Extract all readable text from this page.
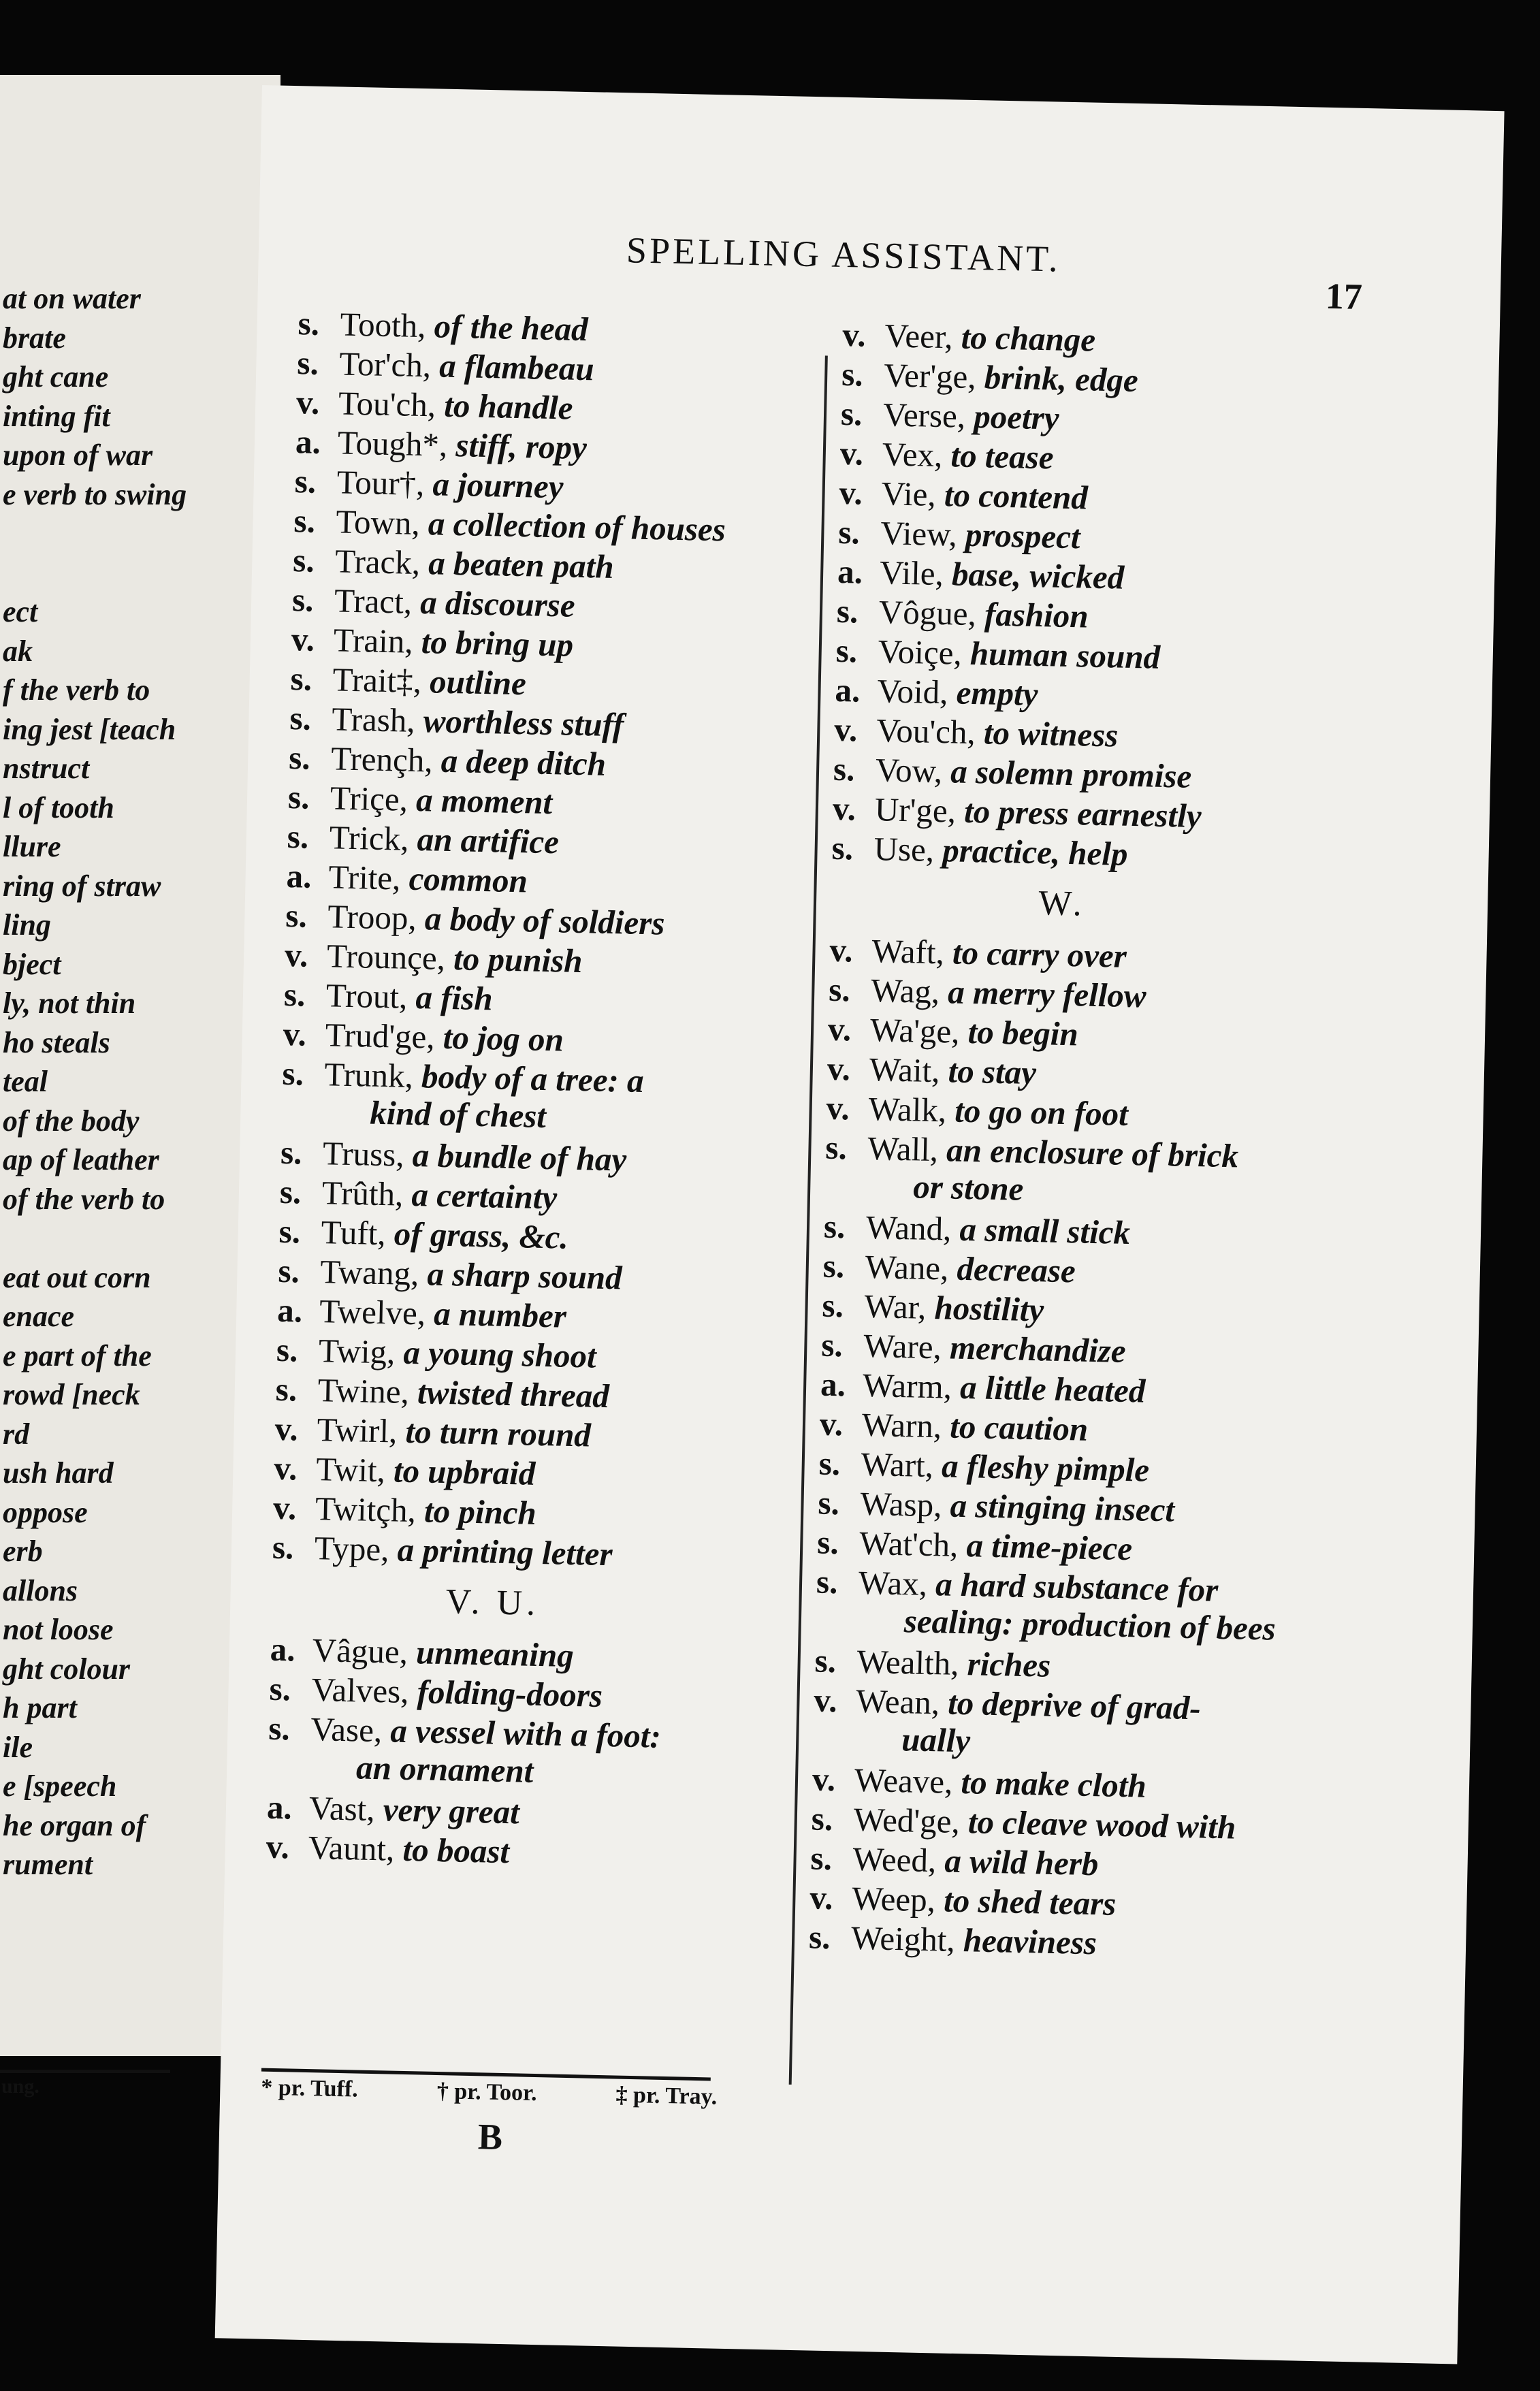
at on water
brate
ght cane
inting fit
upon of war
e verb to swing
ect
ak
f the verb to
ing jest [teach
nstruct
l of tooth
llure
ring of straw
ling
bject
ly, not thin
ho steals
teal
of the body
ap of leather
of the verb to
eat out corn
enace
e part of the
rowd [neck
rd
ush hard
oppose
erb
allons
not loose
ght colour
h part
ile
e [speech
he organ of
rument
ung.
SPELLING ASSISTANT.
17
s. Tooth, of the head
s. Tor'ch, a flambeau
v. Tou'ch, to handle
a. Tough*, stiff, ropy
s. Tour†, a journey
s. Town, a collection of houses
s. Track, a beaten path
s. Tract, a discourse
v. Train, to bring up
s. Trait‡, outline
s. Trash, worthless stuff
s. Trençh, a deep ditch
s. Triçe, a moment
s. Trick, an artifice
a. Trite, common
s. Troop, a body of soldiers
v. Trounçe, to punish
s. Trout, a fish
v. Trud'ge, to jog on
s. Trunk, body of a tree: a
kind of chest
s. Truss, a bundle of hay
s. Trûth, a certainty
s. Tuft, of grass, &c.
s. Twang, a sharp sound
a. Twelve, a number
s. Twig, a young shoot
s. Twine, twisted thread
v. Twirl, to turn round
v. Twit, to upbraid
v. Twitçh, to pinch
s. Type, a printing letter
V. U.
a. Vâgue, unmeaning
s. Valves, folding-doors
s. Vase, a vessel with a foot:
an ornament
a. Vast, very great
v. Vaunt, to boast
v. Veer, to change
s. Ver'ge, brink, edge
s. Verse, poetry
v. Vex, to tease
v. Vie, to contend
s. View, prospect
a. Vile, base, wicked
s. Vôgue, fashion
s. Voiçe, human sound
a. Void, empty
v. Vou'ch, to witness
s. Vow, a solemn promise
v. Ur'ge, to press earnestly
s. Use, practice, help
W.
v. Waft, to carry over
s. Wag, a merry fellow
v. Wa'ge, to begin
v. Wait, to stay
v. Walk, to go on foot
s. Wall, an enclosure of brick
or stone
s. Wand, a small stick
s. Wane, decrease
s. War, hostility
s. Ware, merchandize
a. Warm, a little heated
v. Warn, to caution
s. Wart, a fleshy pimple
s. Wasp, a stinging insect
s. Wat'ch, a time-piece
s. Wax, a hard substance for
sealing: production of bees
s. Wealth, riches
v. Wean, to deprive of grad-
ually
v. Weave, to make cloth
s. Wed'ge, to cleave wood with
s. Weed, a wild herb
v. Weep, to shed tears
s. Weight, heaviness
* pr. Tuff.	† pr. Toor.	‡ pr. Tray.
B
